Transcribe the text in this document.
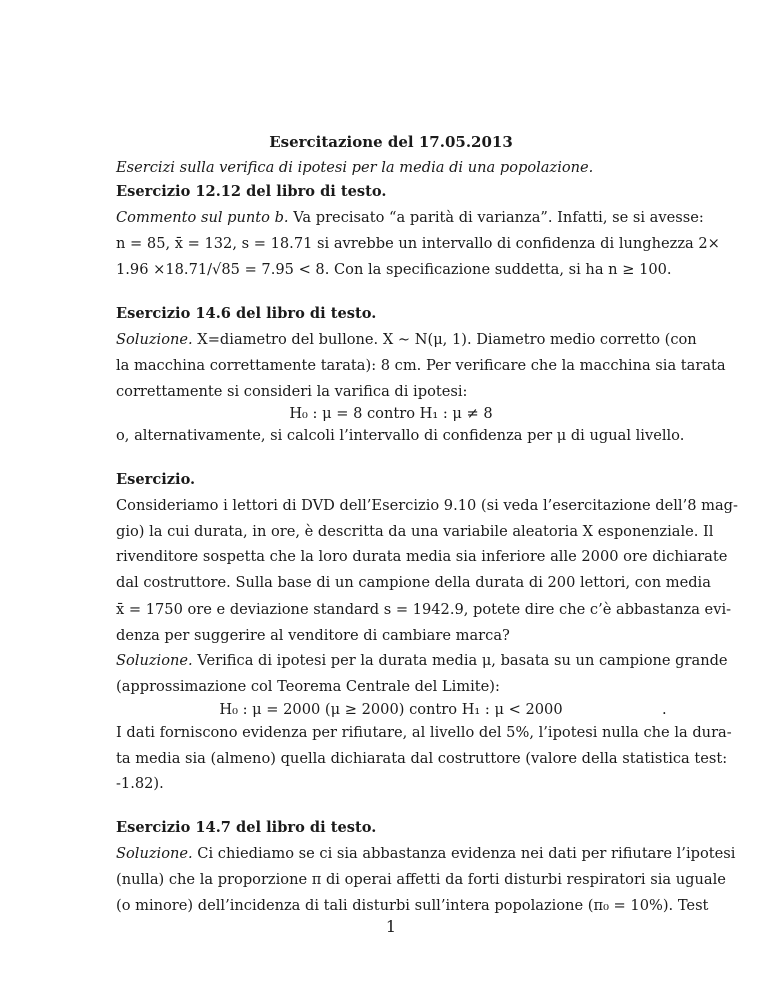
Esercitazione del 17.05.2013
Esercizi sulla verifica di ipotesi per la media di una popolazione.
Esercizio 12.12 del libro di testo.
Commento sul punto b. Va precisato “a parità di varianza”. Infatti, se si avesse:
n = 85, x̄ = 132, s = 18.71 si avrebbe un intervallo di confidenza di lunghezza 2×
1.96 ×18.71/√85 = 7.95 < 8. Con la specificazione suddetta, si ha n ≥ 100.
Esercizio 14.6 del libro di testo.
Soluzione. X=diametro del bullone. X ∼ N(μ, 1). Diametro medio corretto (con
la macchina correttamente tarata): 8 cm. Per verificare che la macchina sia tarata
correttamente si consideri la varifica di ipotesi:
H₀ : μ = 8 contro H₁ : μ ≠ 8
o, alternativamente, si calcoli l’intervallo di confidenza per μ di ugual livello.
Esercizio.
Consideriamo i lettori di DVD dell’Esercizio 9.10 (si veda l’esercitazione dell’8 mag-
gio) la cui durata, in ore, è descritta da una variabile aleatoria X esponenziale. Il
rivenditore sospetta che la loro durata media sia inferiore alle 2000 ore dichiarate
dal costruttore. Sulla base di un campione della durata di 200 lettori, con media
x̄ = 1750 ore e deviazione standard s = 1942.9, potete dire che c’è abbastanza evi-
denza per suggerire al venditore di cambiare marca?
Soluzione. Verifica di ipotesi per la durata media μ, basata su un campione grande
(approssimazione col Teorema Centrale del Limite):
H₀ : μ = 2000 (μ ≥ 2000) contro H₁ : μ < 2000	.
I dati forniscono evidenza per rifiutare, al livello del 5%, l’ipotesi nulla che la dura-
ta media sia (almeno) quella dichiarata dal costruttore (valore della statistica test:
-1.82).
1
Esercizio 14.7 del libro di testo.
Soluzione. Ci chiediamo se ci sia abbastanza evidenza nei dati per rifiutare l’ipotesi
(nulla) che la proporzione π di operai affetti da forti disturbi respiratori sia uguale
(o minore) dell’incidenza di tali disturbi sull’intera popolazione (π₀ = 10%). Test
